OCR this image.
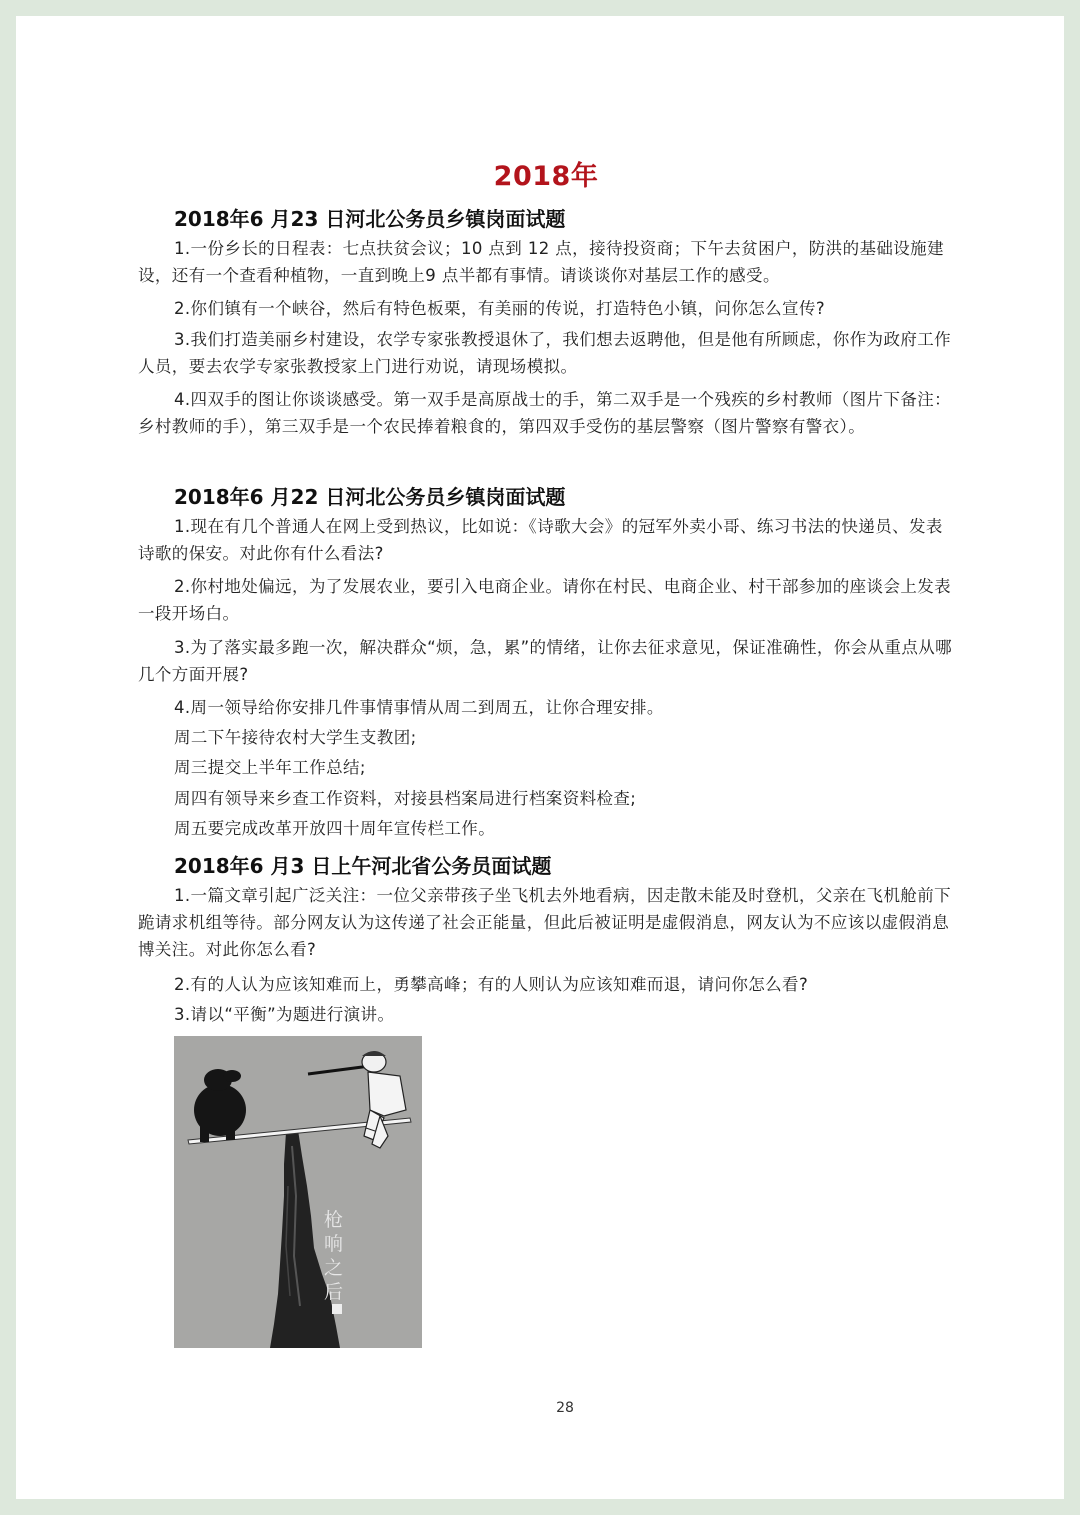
2018年
2018年6 月23 日河北公务员乡镇岗面试题
1.一份乡长的日程表：七点扶贫会议；10 点到 12 点，接待投资商；下午去贫困户，防洪的基础设施建设，还有一个查看种植物，一直到晚上9 点半都有事情。请谈谈你对基层工作的感受。
2.你们镇有一个峡谷，然后有特色板栗，有美丽的传说，打造特色小镇，问你怎么宣传?
3.我们打造美丽乡村建设，农学专家张教授退休了，我们想去返聘他，但是他有所顾虑，你作为政府工作人员，要去农学专家张教授家上门进行劝说，请现场模拟。
4.四双手的图让你谈谈感受。第一双手是高原战士的手，第二双手是一个残疾的乡村教师（图片下备注：乡村教师的手），第三双手是一个农民捧着粮食的，第四双手受伤的基层警察（图片警察有警衣）。
2018年6 月22 日河北公务员乡镇岗面试题
1.现在有几个普通人在网上受到热议，比如说：《诗歌大会》的冠军外卖小哥、练习书法的快递员、发表诗歌的保安。对此你有什么看法?
2.你村地处偏远，为了发展农业，要引入电商企业。请你在村民、电商企业、村干部参加的座谈会上发表一段开场白。
3.为了落实最多跑一次，解决群众“烦，急，累”的情绪，让你去征求意见，保证准确性，你会从重点从哪几个方面开展?
4.周一领导给你安排几件事情事情从周二到周五，让你合理安排。
周二下午接待农村大学生支教团;
周三提交上半年工作总结;
周四有领导来乡查工作资料，对接县档案局进行档案资料检查;
周五要完成改革开放四十周年宣传栏工作。
2018年6 月3 日上午河北省公务员面试题
1.一篇文章引起广泛关注：一位父亲带孩子坐飞机去外地看病，因走散未能及时登机，父亲在飞机舱前下跪请求机组等待。部分网友认为这传递了社会正能量，但此后被证明是虚假消息，网友认为不应该以虚假消息博关注。对此你怎么看?
2.有的人认为应该知难而上，勇攀高峰；有的人则认为应该知难而退，请问你怎么看?
3.请以“平衡”为题进行演讲。
枪
响
之
后
28
